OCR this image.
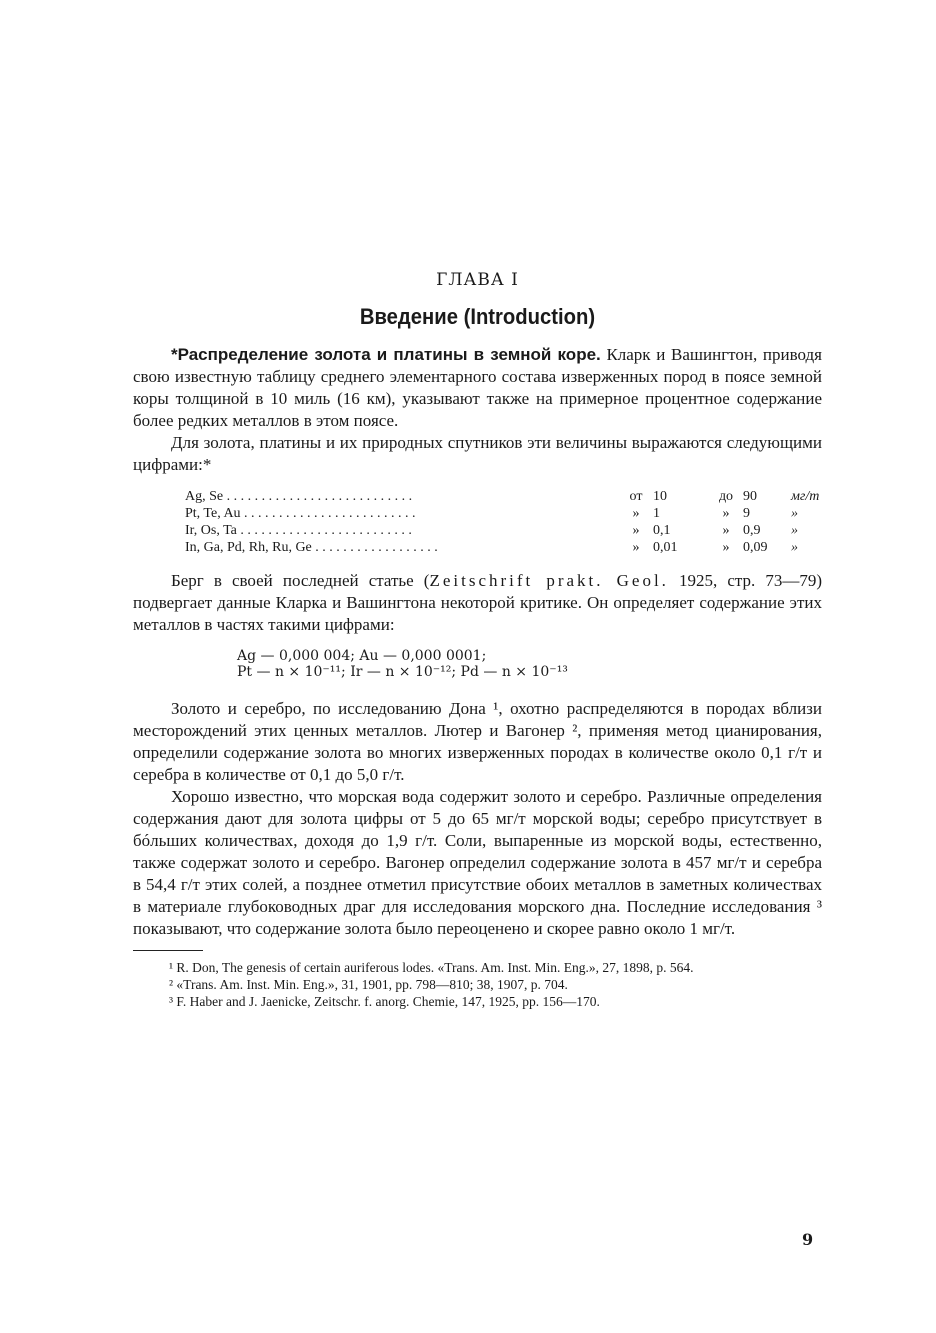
ГЛАВА I
Введение (Introduction)

*Распределение золота и платины в земной коре. Кларк и Вашингтон, приводя свою известную таблицу среднего элементарного состава изверженных пород в поясе земной коры толщиной в 10 миль (16 км), указывают также на примерное процентное содержание более редких металлов в этом поясе.

Для золота, платины и их природных спутников эти величины выражаются следующими цифрами:*

Ag, Se . . . . . . . . . . . . . . . . . . . . . . . . . . .	от 10	до 90	мг/т
Pt, Te, Au . . . . . . . . . . . . . . . . . . . . . . . . .	» 1	» 9	»
Ir, Os, Ta . . . . . . . . . . . . . . . . . . . . . . . . .	» 0,1	» 0,9	»
In, Ga, Pd, Rh, Ru, Ge . . . . . . . . . . . . . . . . . .	» 0,01	» 0,09	»

Берг в своей последней статье (Zeitschrift prakt. Geol. 1925, стр. 73—79) подвергает данные Кларка и Вашингтона некоторой критике. Он определяет содержание этих металлов в частях такими цифрами:

Ag — 0,000 004; Au — 0,000 0001;
Pt — n × 10⁻¹¹; Ir — n × 10⁻¹²; Pd — n × 10⁻¹³

Золото и серебро, по исследованию Дона ¹, охотно распределяются в породах вблизи месторождений этих ценных металлов. Лютер и Вагонер ², применяя метод цианирования, определили содержание золота во многих изверженных породах в количестве около 0,1 г/т и серебра в количестве от 0,1 до 5,0 г/т.

Хорошо известно, что морская вода содержит золото и серебро. Различные определения содержания дают для золота цифры от 5 до 65 мг/т морской воды; серебро присутствует в бóльших количествах, доходя до 1,9 г/т. Соли, выпаренные из морской воды, естественно, также содержат золото и серебро. Вагонер определил содержание золота в 457 мг/т и серебра в 54,4 г/т этих солей, а позднее отметил присутствие обоих металлов в заметных количествах в материале глубоководных драг для исследования морского дна. Последние исследования ³ показывают, что содержание золота было переоценено и скорее равно около 1 мг/т.

¹ R. Don, The genesis of certain auriferous lodes. «Trans. Am. Inst. Min. Eng.», 27, 1898, p. 564.

² «Trans. Am. Inst. Min. Eng.», 31, 1901, pp. 798—810; 38, 1907, p. 704.

³ F. Haber and J. Jaenicke, Zeitschr. f. anorg. Chemie, 147, 1925, pp. 156—170.

9
